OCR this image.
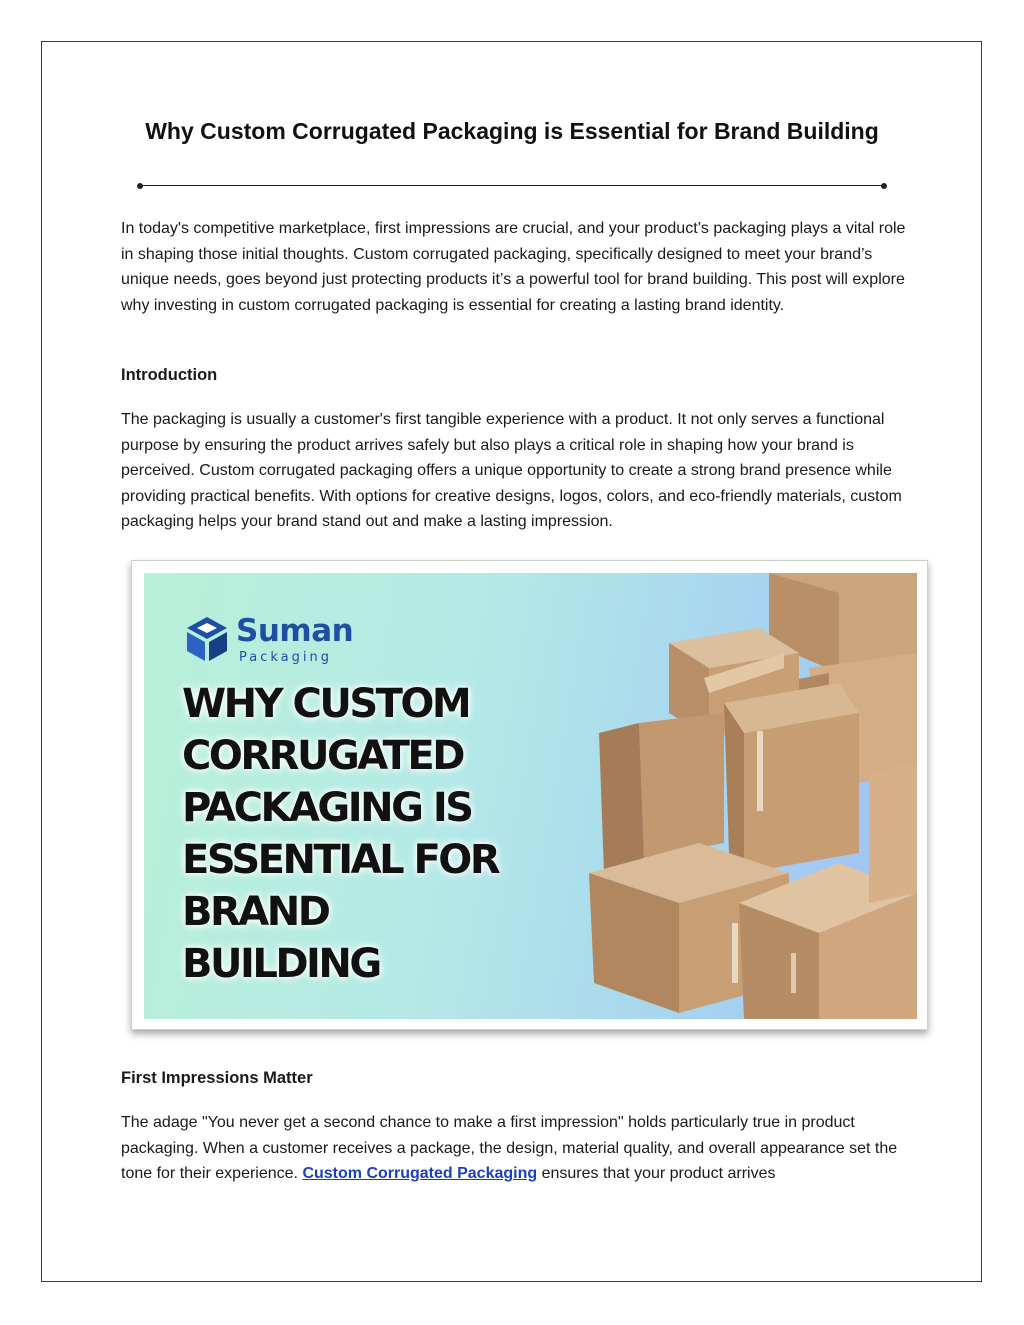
Why Custom Corrugated Packaging is Essential for Brand Building

In today's competitive marketplace, first impressions are crucial, and your product’s packaging plays a vital role in shaping those initial thoughts. Custom corrugated packaging, specifically designed to meet your brand’s unique needs, goes beyond just protecting products it’s a powerful tool for brand building. This post will explore why investing in custom corrugated packaging is essential for creating a lasting brand identity.

Introduction

The packaging is usually a customer's first tangible experience with a product. It not only serves a functional purpose by ensuring the product arrives safely but also plays a critical role in shaping how your brand is perceived. Custom corrugated packaging offers a unique opportunity to create a strong brand presence while providing practical benefits. With options for creative designs, logos, colors, and eco-friendly materials, custom packaging helps your brand stand out and make a lasting impression.

Suman
Packaging
WHY CUSTOM
CORRUGATED
PACKAGING IS
ESSENTIAL FOR
BRAND
BUILDING
First Impressions Matter

The adage "You never get a second chance to make a first impression" holds particularly true in product packaging. When a customer receives a package, the design, material quality, and overall appearance set the tone for their experience. Custom Corrugated Packaging ensures that your product arrives
